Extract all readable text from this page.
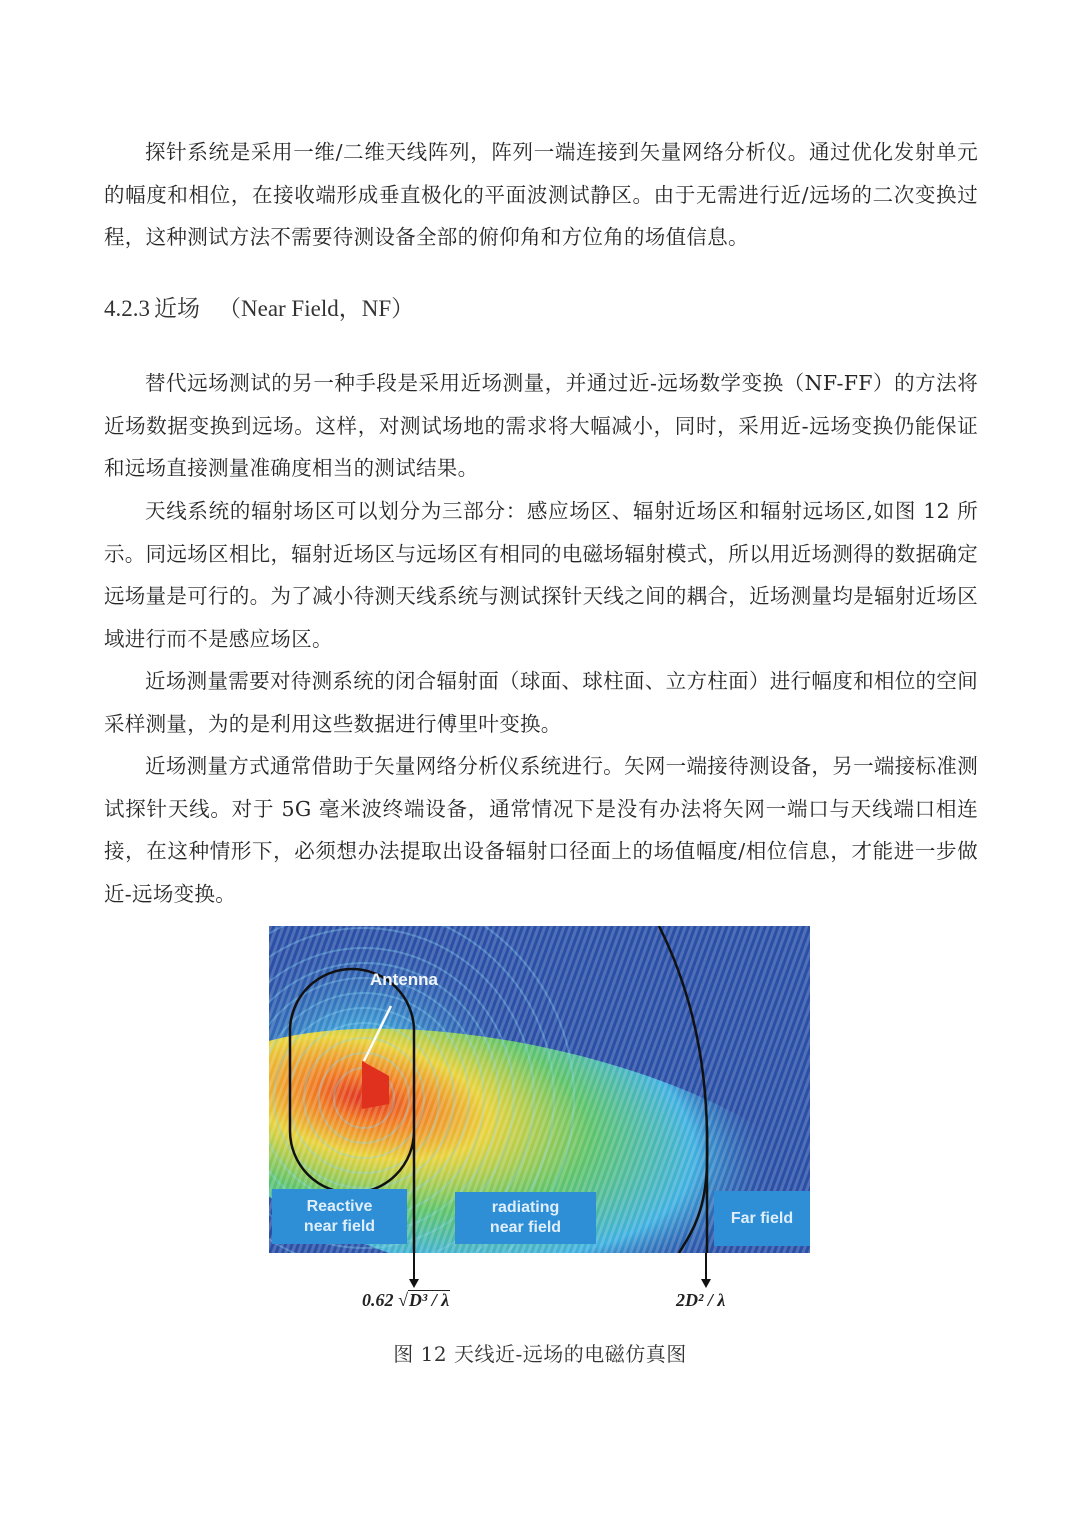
探针系统是采用一维/二维天线阵列，阵列一端连接到矢量网络分析仪。通过优化发射单元的幅度和相位，在接收端形成垂直极化的平面波测试静区。由于无需进行近/远场的二次变换过程，这种测试方法不需要待测设备全部的俯仰角和方位角的场值信息。

4.2.3 近场 （Near Field，NF）

替代远场测试的另一种手段是采用近场测量，并通过近-远场数学变换（NF-FF）的方法将近场数据变换到远场。这样，对测试场地的需求将大幅减小，同时，采用近-远场变换仍能保证和远场直接测量准确度相当的测试结果。

天线系统的辐射场区可以划分为三部分：感应场区、辐射近场区和辐射远场区,如图 12 所示。同远场区相比，辐射近场区与远场区有相同的电磁场辐射模式，所以用近场测得的数据确定远场量是可行的。为了减小待测天线系统与测试探针天线之间的耦合，近场测量均是辐射近场区域进行而不是感应场区。

近场测量需要对待测系统的闭合辐射面（球面、球柱面、立方柱面）进行幅度和相位的空间采样测量，为的是利用这些数据进行傅里叶变换。

近场测量方式通常借助于矢量网络分析仪系统进行。矢网一端接待测设备，另一端接标准测试探针天线。对于 5G 毫米波终端设备，通常情况下是没有办法将矢网一端口与天线端口相连接，在这种情形下，必须想办法提取出设备辐射口径面上的场值幅度/相位信息，才能进一步做近-远场变换。

Antenna
Reactive
near field
radiating
near field
Far field
0.62 √D³ / λ	2D² / λ

图 12 天线近-远场的电磁仿真图
